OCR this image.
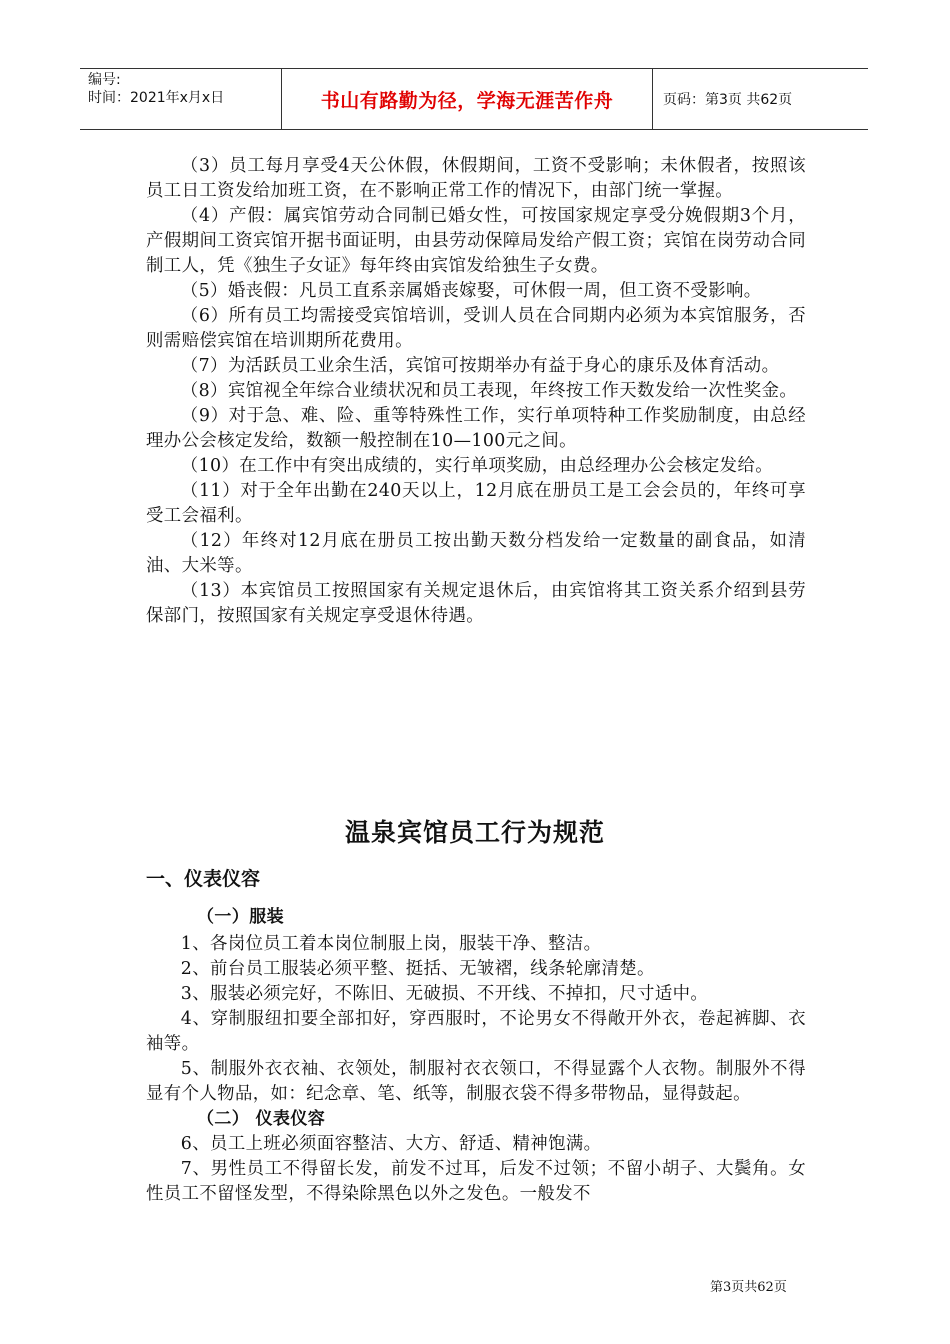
编号:
时间：2021年x月x日	书山有路勤为径，学海无涯苦作舟	页码：第3页 共62页

（3）员工每月享受4天公休假，休假期间，工资不受影响；未休假者，按照该员工日工资发给加班工资，在不影响正常工作的情况下，由部门统一掌握。

（4）产假：属宾馆劳动合同制已婚女性，可按国家规定享受分娩假期3个月，产假期间工资宾馆开据书面证明，由县劳动保障局发给产假工资；宾馆在岗劳动合同制工人，凭《独生子女证》每年终由宾馆发给独生子女费。

（5）婚丧假：凡员工直系亲属婚丧嫁娶，可休假一周，但工资不受影响。

（6）所有员工均需接受宾馆培训，受训人员在合同期内必须为本宾馆服务，否则需赔偿宾馆在培训期所花费用。

（7）为活跃员工业余生活，宾馆可按期举办有益于身心的康乐及体育活动。

（8）宾馆视全年综合业绩状况和员工表现，年终按工作天数发给一次性奖金。

（9）对于急、难、险、重等特殊性工作，实行单项特种工作奖励制度，由总经理办公会核定发给，数额一般控制在10—100元之间。

（10）在工作中有突出成绩的，实行单项奖励，由总经理办公会核定发给。

（11）对于全年出勤在240天以上，12月底在册员工是工会会员的，年终可享受工会福利。

（12）年终对12月底在册员工按出勤天数分档发给一定数量的副食品，如清油、大米等。

（13）本宾馆员工按照国家有关规定退休后，由宾馆将其工资关系介绍到县劳保部门，按照国家有关规定享受退休待遇。

温泉宾馆员工行为规范
一、仪表仪容

（一）服装

1、各岗位员工着本岗位制服上岗，服装干净、整洁。

2、前台员工服装必须平整、挺括、无皱褶，线条轮廓清楚。

3、服装必须完好，不陈旧、无破损、不开线、不掉扣，尺寸适中。

4、穿制服纽扣要全部扣好，穿西服时，不论男女不得敞开外衣，卷起裤脚、衣袖等。

5、制服外衣衣袖、衣领处，制服衬衣衣领口，不得显露个人衣物。制服外不得显有个人物品，如：纪念章、笔、纸等，制服衣袋不得多带物品，显得鼓起。

（二） 仪表仪容

6、员工上班必须面容整洁、大方、舒适、精神饱满。

7、男性员工不得留长发，前发不过耳，后发不过领；不留小胡子、大鬓角。女性员工不留怪发型，不得染除黑色以外之发色。一般发不

第3页共62页
